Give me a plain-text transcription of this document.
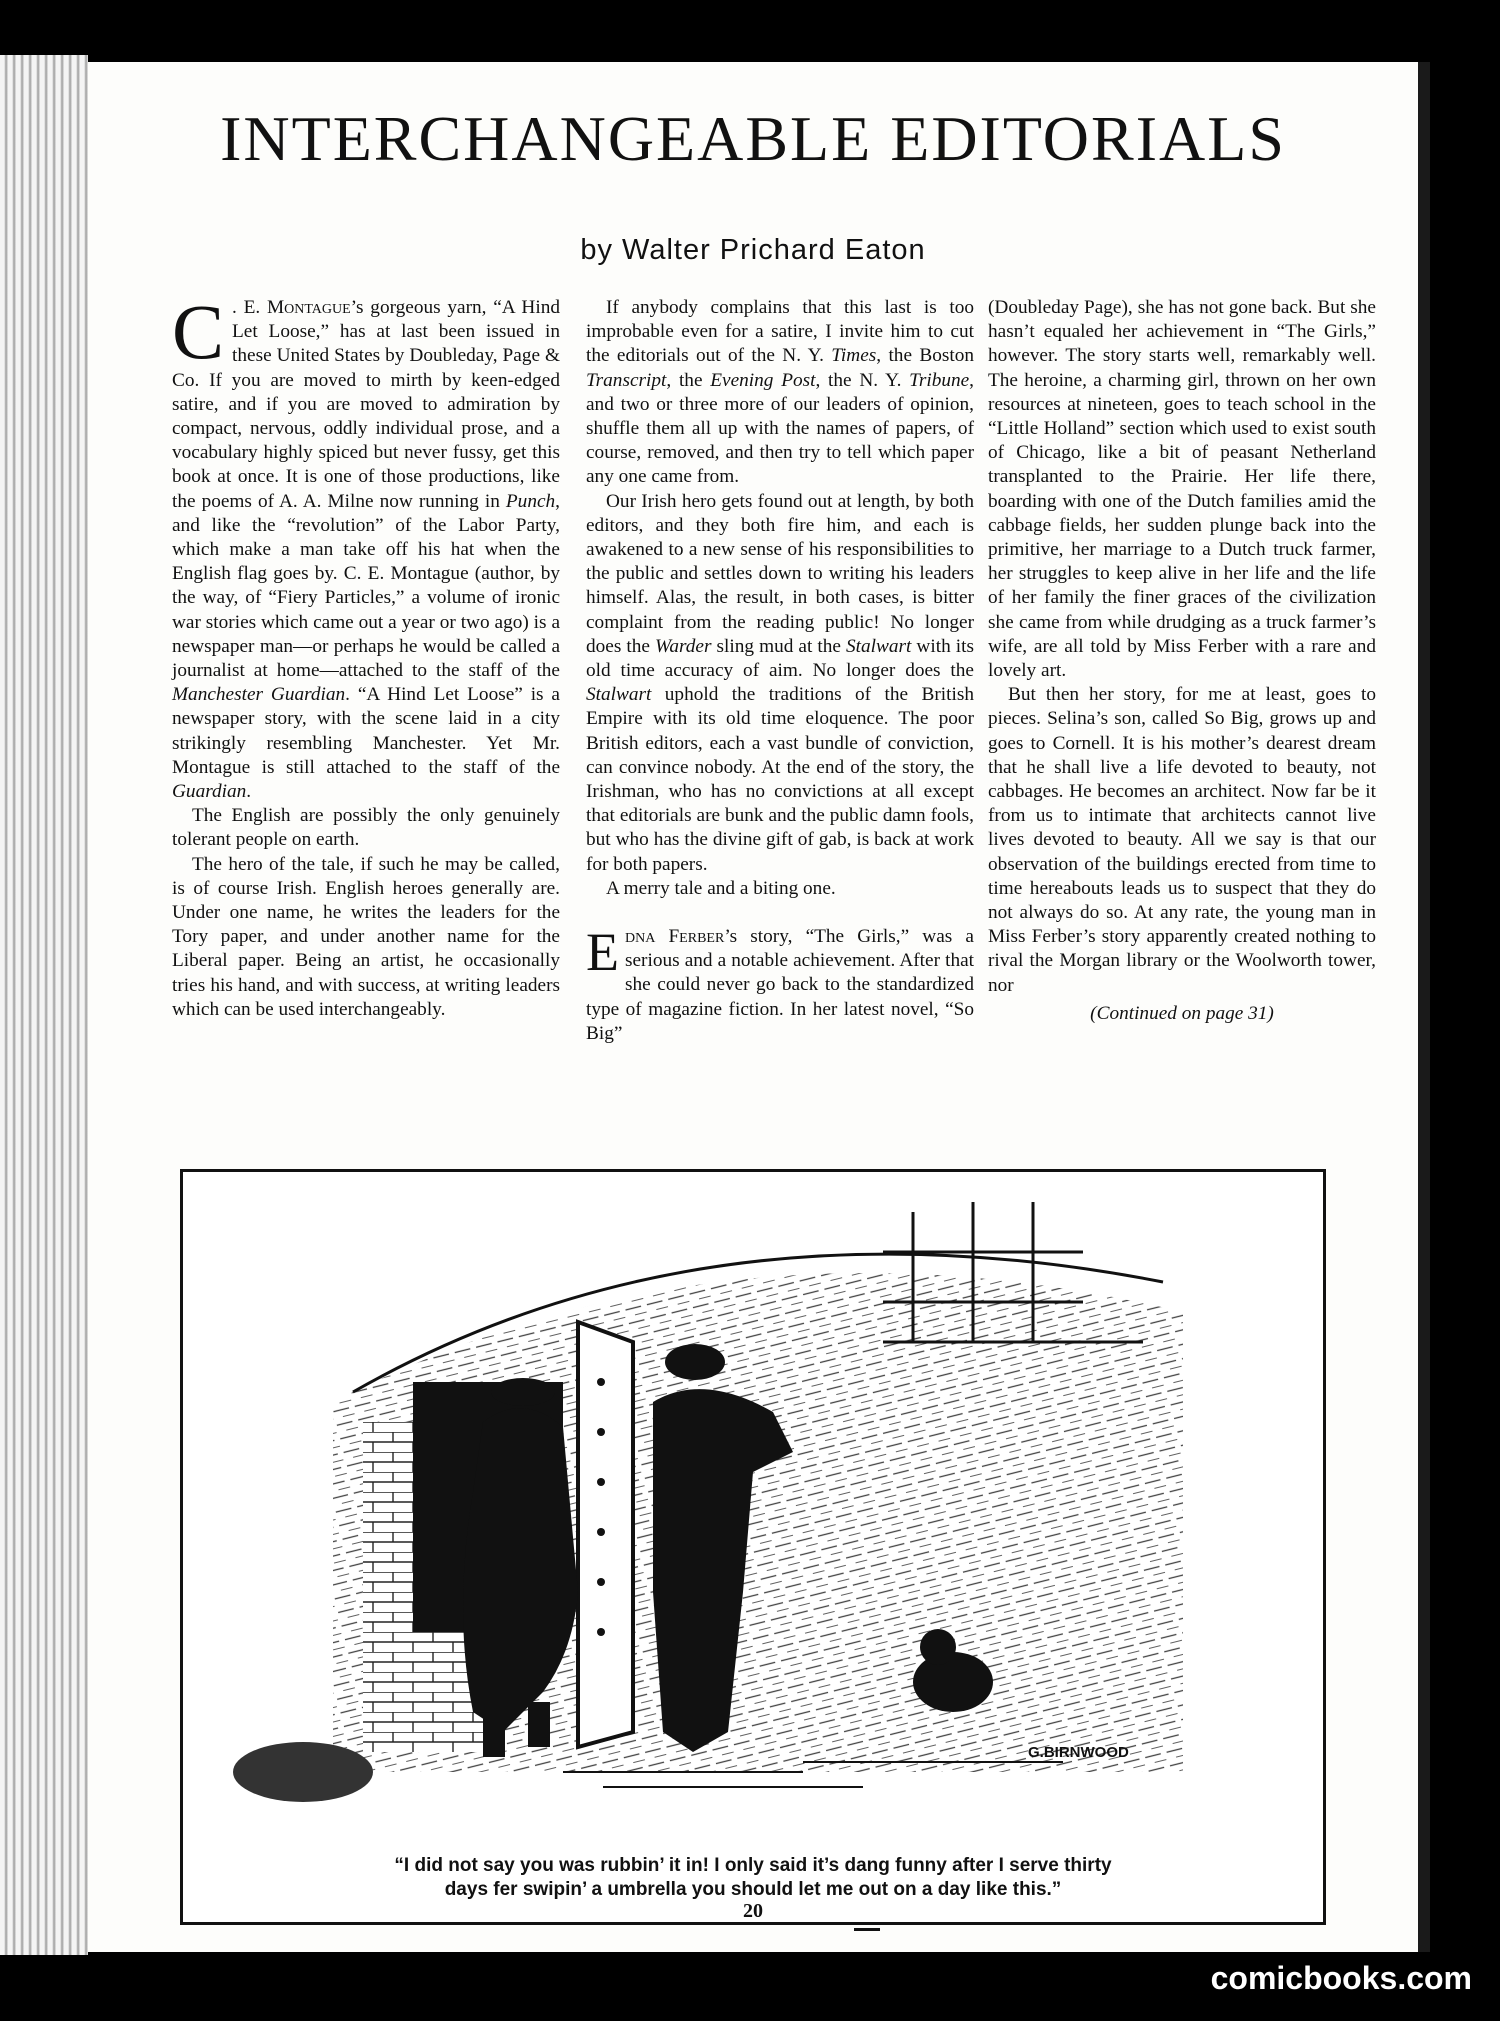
INTERCHANGEABLE EDITORIALS
by Walter Prichard Eaton

C . E. Montague’s gorgeous yarn, “A Hind Let Loose,” has at last been issued in these United States by Doubleday, Page & Co. If you are moved to mirth by keen-edged satire, and if you are moved to admiration by compact, nervous, oddly individual prose, and a vocabulary highly spiced but never fussy, get this book at once. It is one of those productions, like the poems of A. A. Milne now running in Punch, and like the “revolution” of the Labor Party, which make a man take off his hat when the English flag goes by. C. E. Montague (author, by the way, of “Fiery Particles,” a volume of ironic war stories which came out a year or two ago) is a newspaper man—or perhaps he would be called a journalist at home—attached to the staff of the Manchester Guardian. “A Hind Let Loose” is a newspaper story, with the scene laid in a city strikingly resembling Manchester. Yet Mr. Montague is still attached to the staff of the Guardian.

The English are possibly the only genuinely tolerant people on earth.

The hero of the tale, if such he may be called, is of course Irish. English heroes generally are. Under one name, he writes the leaders for the Tory paper, and under another name for the Liberal paper. Being an artist, he occasionally tries his hand, and with success, at writing leaders which can be used interchangeably.

If anybody complains that this last is too improbable even for a satire, I invite him to cut the editorials out of the N. Y. Times, the Boston Transcript, the Evening Post, the N. Y. Tribune, and two or three more of our leaders of opinion, shuffle them all up with the names of papers, of course, removed, and then try to tell which paper any one came from.

Our Irish hero gets found out at length, by both editors, and they both fire him, and each is awakened to a new sense of his responsibilities to the public and settles down to writing his leaders himself. Alas, the result, in both cases, is bitter complaint from the reading public! No longer does the Warder sling mud at the Stalwart with its old time accuracy of aim. No longer does the Stalwart uphold the traditions of the British Empire with its old time eloquence. The poor British editors, each a vast bundle of conviction, can convince nobody. At the end of the story, the Irishman, who has no convictions at all except that editorials are bunk and the public damn fools, but who has the divine gift of gab, is back at work for both papers.

A merry tale and a biting one.

Edna Ferber’s story, “The Girls,” was a serious and a notable achievement. After that she could never go back to the standardized type of magazine fiction. In her latest novel, “So Big”

(Doubleday Page), she has not gone back. But she hasn’t equaled her achievement in “The Girls,” however. The story starts well, remarkably well. The heroine, a charming girl, thrown on her own resources at nineteen, goes to teach school in the “Little Holland” section which used to exist south of Chicago, like a bit of peasant Netherland transplanted to the Prairie. Her life there, boarding with one of the Dutch families amid the cabbage fields, her sudden plunge back into the primitive, her marriage to a Dutch truck farmer, her struggles to keep alive in her life and the life of her family the finer graces of the civilization she came from while drudging as a truck farmer’s wife, are all told by Miss Ferber with a rare and lovely art.

But then her story, for me at least, goes to pieces. Selina’s son, called So Big, grows up and goes to Cornell. It is his mother’s dearest dream that he shall live a life devoted to beauty, not cabbages. He becomes an architect. Now far be it from us to intimate that architects cannot live lives devoted to beauty. All we say is that our observation of the buildings erected from time to time hereabouts leads us to suspect that they do not always do so. At any rate, the young man in Miss Ferber’s story apparently created nothing to rival the Morgan library or the Woolworth tower, nor

(Continued on page 31)

G.BIRNWOOD
“I did not say you was rubbin’ it in! I only said it’s dang funny after I serve thirty
days fer swipin’ a umbrella you should let me out on a day like this.”
20
comicbooks.com
